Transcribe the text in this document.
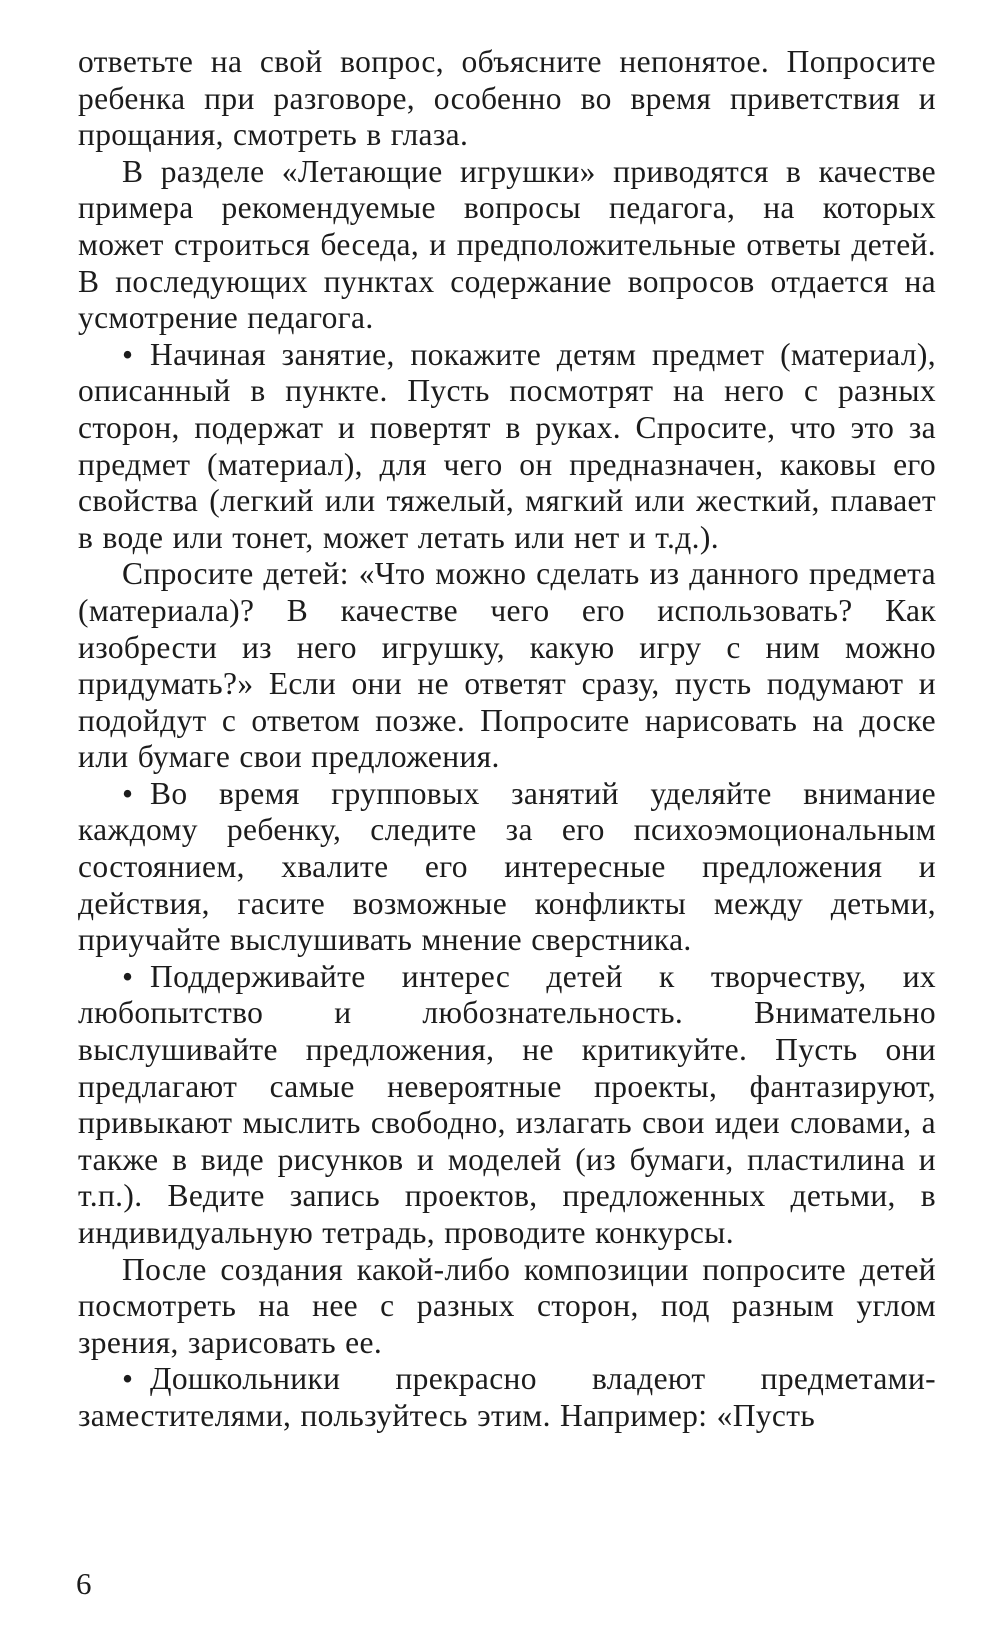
ответьте на свой вопрос, объясните непонятое. Попросите ребенка при разговоре, особенно во время приветствия и прощания, смотреть в глаза.

В разделе «Летающие игрушки» приводятся в качестве примера рекомендуемые вопросы педагога, на которых может строиться беседа, и предположительные ответы детей. В последующих пунктах содержание вопросов отдается на усмотрение педагога.

• Начиная занятие, покажите детям предмет (материал), описанный в пункте. Пусть посмотрят на него с разных сторон, подержат и повертят в руках. Спросите, что это за предмет (материал), для чего он предназначен, каковы его свойства (легкий или тяжелый, мягкий или жесткий, плавает в воде или тонет, может летать или нет и т.д.).

Спросите детей: «Что можно сделать из данного предмета (материала)? В качестве чего его использовать? Как изобрести из него игрушку, какую игру с ним можно придумать?» Если они не ответят сразу, пусть подумают и подойдут с ответом позже. Попросите нарисовать на доске или бумаге свои предложения.

• Во время групповых занятий уделяйте внимание каждому ребенку, следите за его психоэмоциональным состоянием, хвалите его интересные предложения и действия, гасите возможные конфликты между детьми, приучайте выслушивать мнение сверстника.

• Поддерживайте интерес детей к творчеству, их любопытство и любознательность. Внимательно выслушивайте предложения, не критикуйте. Пусть они предлагают самые невероятные проекты, фантазируют, привыкают мыслить свободно, излагать свои идеи словами, а также в виде рисунков и моделей (из бумаги, пластилина и т.п.). Ведите запись проектов, предложенных детьми, в индивидуальную тетрадь, проводите конкурсы.

После создания какой-либо композиции попросите детей посмотреть на нее с разных сторон, под разным углом зрения, зарисовать ее.

• Дошкольники прекрасно владеют предметами-заместителями, пользуйтесь этим. Например: «Пусть

6
